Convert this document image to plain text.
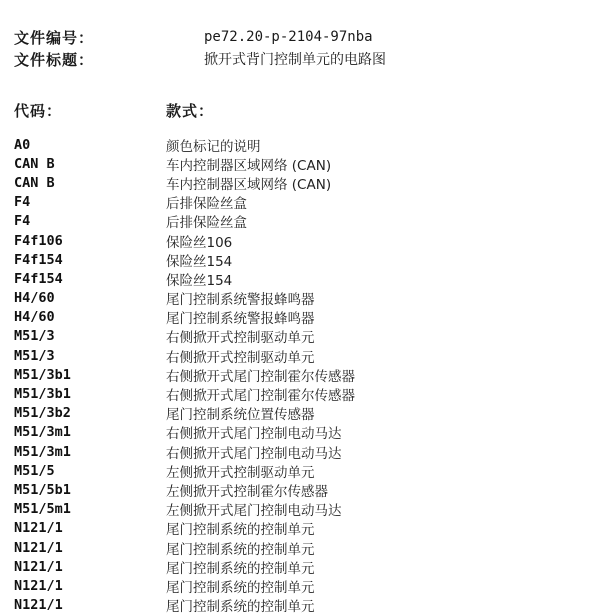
文件编号：	pe72.20-p-2104-97nba
文件标题：	掀开式背门控制单元的电路图
代码：	款式：
A0	颜色标记的说明
CAN B	车内控制器区域网络 (CAN)
CAN B	车内控制器区域网络 (CAN)
F4	后排保险丝盒
F4	后排保险丝盒
F4f106	保险丝106
F4f154	保险丝154
F4f154	保险丝154
H4/60	尾门控制系统警报蜂鸣器
H4/60	尾门控制系统警报蜂鸣器
M51/3	右侧掀开式控制驱动单元
M51/3	右侧掀开式控制驱动单元
M51/3b1	右侧掀开式尾门控制霍尔传感器
M51/3b1	右侧掀开式尾门控制霍尔传感器
M51/3b2	尾门控制系统位置传感器
M51/3m1	右侧掀开式尾门控制电动马达
M51/3m1	右侧掀开式尾门控制电动马达
M51/5	左侧掀开式控制驱动单元
M51/5b1	左侧掀开式控制霍尔传感器
M51/5m1	左侧掀开式尾门控制电动马达
N121/1	尾门控制系统的控制单元
N121/1	尾门控制系统的控制单元
N121/1	尾门控制系统的控制单元
N121/1	尾门控制系统的控制单元
N121/1	尾门控制系统的控制单元
